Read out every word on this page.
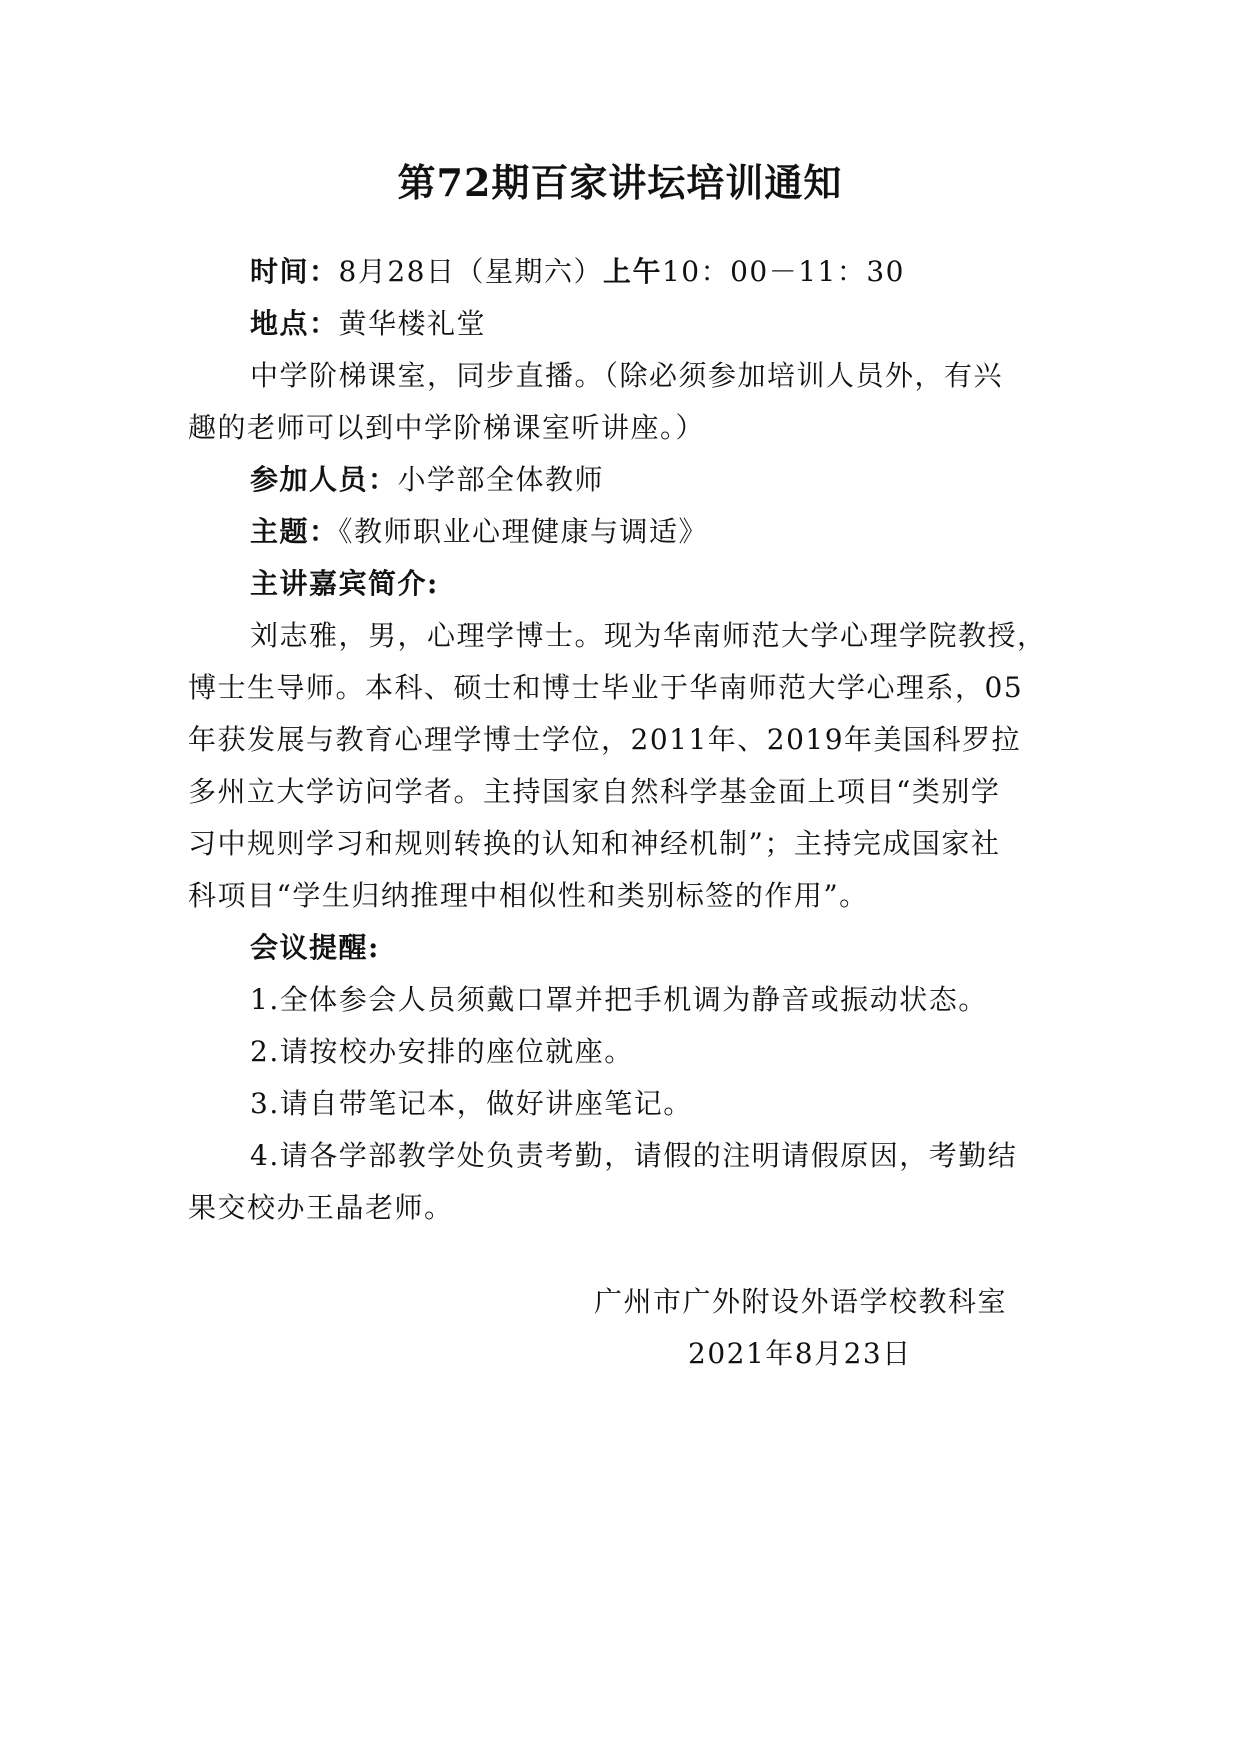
第72期百家讲坛培训通知
时间：8月28日（星期六）上午10：00－11：30
地点：黄华楼礼堂
中学阶梯课室，同步直播。（除必须参加培训人员外，有兴
趣的老师可以到中学阶梯课室听讲座。）
参加人员：小学部全体教师
主题：《教师职业心理健康与调适》
主讲嘉宾简介:
刘志雅，男，心理学博士。现为华南师范大学心理学院教授，
博士生导师。本科、硕士和博士毕业于华南师范大学心理系，05
年获发展与教育心理学博士学位，2011年、2019年美国科罗拉
多州立大学访问学者。主持国家自然科学基金面上项目“类别学
习中规则学习和规则转换的认知和神经机制”；主持完成国家社
科项目“学生归纳推理中相似性和类别标签的作用”。
会议提醒:
1.全体参会人员须戴口罩并把手机调为静音或振动状态。
2.请按校办安排的座位就座。
3.请自带笔记本，做好讲座笔记。
4.请各学部教学处负责考勤，请假的注明请假原因，考勤结
果交校办王晶老师。
广州市广外附设外语学校教科室
2021年8月23日
